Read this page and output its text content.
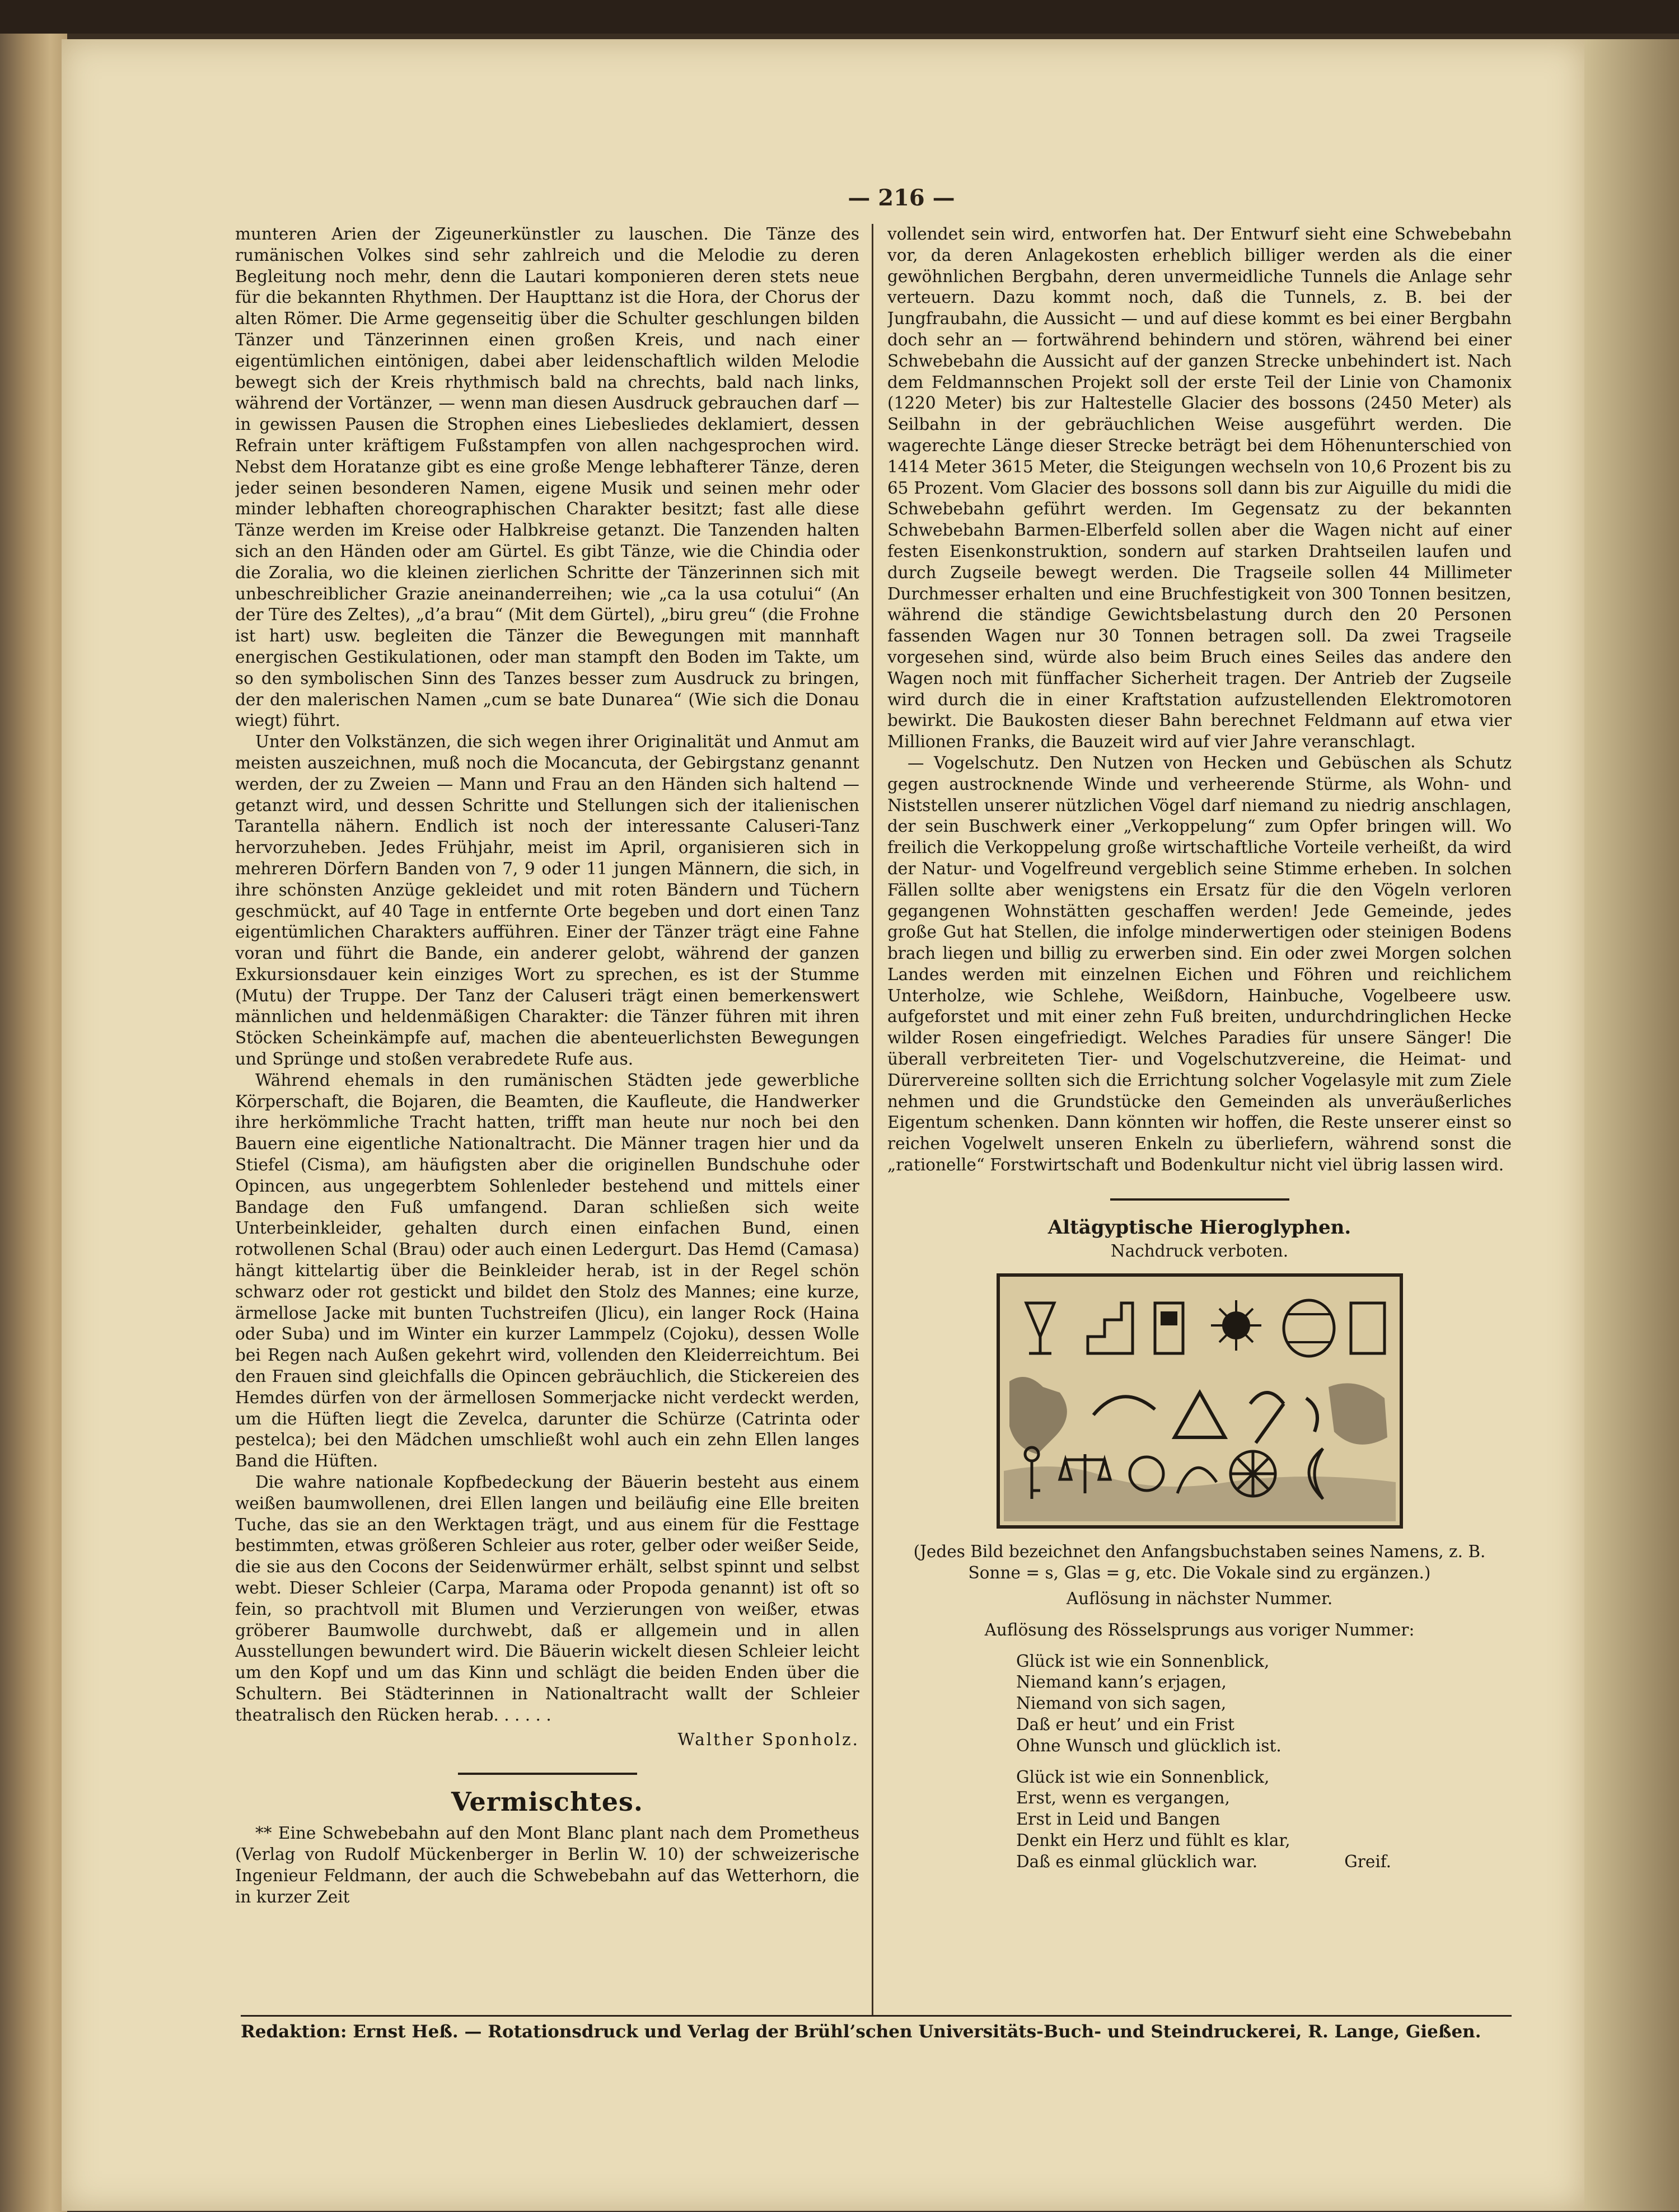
— 216 —

munteren Arien der Zigeunerkünstler zu lauschen. Die Tänze des rumänischen Volkes sind sehr zahlreich und die Melodie zu deren Begleitung noch mehr, denn die Lautari komponieren deren stets neue für die bekannten Rhythmen. Der Haupttanz ist die Hora, der Chorus der alten Römer. Die Arme gegenseitig über die Schulter geschlungen bilden Tänzer und Tänzerinnen einen großen Kreis, und nach einer eigentümlichen eintönigen, dabei aber leidenschaftlich wilden Melodie bewegt sich der Kreis rhythmisch bald na chrechts, bald nach links, während der Vortänzer, — wenn man diesen Ausdruck gebrauchen darf — in gewissen Pausen die Strophen eines Liebesliedes deklamiert, dessen Refrain unter kräftigem Fußstampfen von allen nachgesprochen wird. Nebst dem Horatanze gibt es eine große Menge lebhafterer Tänze, deren jeder seinen besonderen Namen, eigene Musik und seinen mehr oder minder lebhaften choreographischen Charakter besitzt; fast alle diese Tänze werden im Kreise oder Halbkreise getanzt. Die Tanzenden halten sich an den Händen oder am Gürtel. Es gibt Tänze, wie die Chindia oder die Zoralia, wo die kleinen zierlichen Schritte der Tänzerinnen sich mit unbeschreiblicher Grazie aneinanderreihen; wie „ca la usa cotului“ (An der Türe des Zeltes), „d’a brau“ (Mit dem Gürtel), „biru greu“ (die Frohne ist hart) usw. begleiten die Tänzer die Bewegungen mit mannhaft energischen Gestikulationen, oder man stampft den Boden im Takte, um so den symbolischen Sinn des Tanzes besser zum Ausdruck zu bringen, der den malerischen Namen „cum se bate Dunarea“ (Wie sich die Donau wiegt) führt.

Unter den Volkstänzen, die sich wegen ihrer Originalität und Anmut am meisten auszeichnen, muß noch die Mocancuta, der Gebirgstanz genannt werden, der zu Zweien — Mann und Frau an den Händen sich haltend — getanzt wird, und dessen Schritte und Stellungen sich der italienischen Tarantella nähern. Endlich ist noch der interessante Caluseri-Tanz hervorzuheben. Jedes Frühjahr, meist im April, organisieren sich in mehreren Dörfern Banden von 7, 9 oder 11 jungen Männern, die sich, in ihre schönsten Anzüge gekleidet und mit roten Bändern und Tüchern geschmückt, auf 40 Tage in entfernte Orte begeben und dort einen Tanz eigentümlichen Charakters aufführen. Einer der Tänzer trägt eine Fahne voran und führt die Bande, ein anderer gelobt, während der ganzen Exkursionsdauer kein einziges Wort zu sprechen, es ist der Stumme (Mutu) der Truppe. Der Tanz der Caluseri trägt einen bemerkenswert männlichen und heldenmäßigen Charakter: die Tänzer führen mit ihren Stöcken Scheinkämpfe auf, machen die abenteuerlichsten Bewegungen und Sprünge und stoßen verabredete Rufe aus.

Während ehemals in den rumänischen Städten jede gewerbliche Körperschaft, die Bojaren, die Beamten, die Kaufleute, die Handwerker ihre herkömmliche Tracht hatten, trifft man heute nur noch bei den Bauern eine eigentliche Nationaltracht. Die Männer tragen hier und da Stiefel (Cisma), am häufigsten aber die originellen Bundschuhe oder Opincen, aus ungegerbtem Sohlenleder bestehend und mittels einer Bandage den Fuß umfangend. Daran schließen sich weite Unterbeinkleider, gehalten durch einen einfachen Bund, einen rotwollenen Schal (Brau) oder auch einen Ledergurt. Das Hemd (Camasa) hängt kittelartig über die Beinkleider herab, ist in der Regel schön schwarz oder rot gestickt und bildet den Stolz des Mannes; eine kurze, ärmellose Jacke mit bunten Tuchstreifen (Jlicu), ein langer Rock (Haina oder Suba) und im Winter ein kurzer Lammpelz (Cojoku), dessen Wolle bei Regen nach Außen gekehrt wird, vollenden den Kleiderreichtum. Bei den Frauen sind gleichfalls die Opincen gebräuchlich, die Stickereien des Hemdes dürfen von der ärmellosen Sommerjacke nicht verdeckt werden, um die Hüften liegt die Zevelca, darunter die Schürze (Catrinta oder pestelca); bei den Mädchen umschließt wohl auch ein zehn Ellen langes Band die Hüften.

Die wahre nationale Kopfbedeckung der Bäuerin besteht aus einem weißen baumwollenen, drei Ellen langen und beiläufig eine Elle breiten Tuche, das sie an den Werktagen trägt, und aus einem für die Festtage bestimmten, etwas größeren Schleier aus roter, gelber oder weißer Seide, die sie aus den Cocons der Seidenwürmer erhält, selbst spinnt und selbst webt. Dieser Schleier (Carpa, Marama oder Propoda genannt) ist oft so fein, so prachtvoll mit Blumen und Verzierungen von weißer, etwas gröberer Baumwolle durchwebt, daß er allgemein und in allen Ausstellungen bewundert wird. Die Bäuerin wickelt diesen Schleier leicht um den Kopf und um das Kinn und schlägt die beiden Enden über die Schultern. Bei Städterinnen in Nationaltracht wallt der Schleier theatralisch den Rücken herab. . . . . .

Walther Sponholz.

Vermischtes.

** Eine Schwebebahn auf den Mont Blanc plant nach dem Prometheus (Verlag von Rudolf Mückenberger in Berlin W. 10) der schweizerische Ingenieur Feldmann, der auch die Schwebebahn auf das Wetterhorn, die in kurzer Zeit

vollendet sein wird, entworfen hat. Der Entwurf sieht eine Schwebebahn vor, da deren Anlagekosten erheblich billiger werden als die einer gewöhnlichen Bergbahn, deren unvermeidliche Tunnels die Anlage sehr verteuern. Dazu kommt noch, daß die Tunnels, z. B. bei der Jungfraubahn, die Aussicht — und auf diese kommt es bei einer Bergbahn doch sehr an — fortwährend behindern und stören, während bei einer Schwebebahn die Aussicht auf der ganzen Strecke unbehindert ist. Nach dem Feldmannschen Projekt soll der erste Teil der Linie von Chamonix (1220 Meter) bis zur Haltestelle Glacier des bossons (2450 Meter) als Seilbahn in der gebräuchlichen Weise ausgeführt werden. Die wagerechte Länge dieser Strecke beträgt bei dem Höhenunterschied von 1414 Meter 3615 Meter, die Steigungen wechseln von 10,6 Prozent bis zu 65 Prozent. Vom Glacier des bossons soll dann bis zur Aiguille du midi die Schwebebahn geführt werden. Im Gegensatz zu der bekannten Schwebebahn Barmen-Elberfeld sollen aber die Wagen nicht auf einer festen Eisenkonstruktion, sondern auf starken Drahtseilen laufen und durch Zugseile bewegt werden. Die Tragseile sollen 44 Millimeter Durchmesser erhalten und eine Bruchfestigkeit von 300 Tonnen besitzen, während die ständige Gewichtsbelastung durch den 20 Personen fassenden Wagen nur 30 Tonnen betragen soll. Da zwei Tragseile vorgesehen sind, würde also beim Bruch eines Seiles das andere den Wagen noch mit fünffacher Sicherheit tragen. Der Antrieb der Zugseile wird durch die in einer Kraftstation aufzustellenden Elektromotoren bewirkt. Die Baukosten dieser Bahn berechnet Feldmann auf etwa vier Millionen Franks, die Bauzeit wird auf vier Jahre veranschlagt.

— Vogelschutz. Den Nutzen von Hecken und Gebüschen als Schutz gegen austrocknende Winde und verheerende Stürme, als Wohn- und Niststellen unserer nützlichen Vögel darf niemand zu niedrig anschlagen, der sein Buschwerk einer „Verkoppelung“ zum Opfer bringen will. Wo freilich die Verkoppelung große wirtschaftliche Vorteile verheißt, da wird der Natur- und Vogelfreund vergeblich seine Stimme erheben. In solchen Fällen sollte aber wenigstens ein Ersatz für die den Vögeln verloren gegangenen Wohnstätten geschaffen werden! Jede Gemeinde, jedes große Gut hat Stellen, die infolge minderwertigen oder steinigen Bodens brach liegen und billig zu erwerben sind. Ein oder zwei Morgen solchen Landes werden mit einzelnen Eichen und Föhren und reichlichem Unterholze, wie Schlehe, Weißdorn, Hainbuche, Vogelbeere usw. aufgeforstet und mit einer zehn Fuß breiten, undurchdringlichen Hecke wilder Rosen eingefriedigt. Welches Paradies für unsere Sänger! Die überall verbreiteten Tier- und Vogelschutzvereine, die Heimat- und Dürervereine sollten sich die Errichtung solcher Vogelasyle mit zum Ziele nehmen und die Grundstücke den Gemeinden als unveräußerliches Eigentum schenken. Dann könnten wir hoffen, die Reste unserer einst so reichen Vogelwelt unseren Enkeln zu überliefern, während sonst die „rationelle“ Forstwirtschaft und Bodenkultur nicht viel übrig lassen wird.

Altägyptische Hieroglyphen.

Nachdruck verboten.

(Jedes Bild bezeichnet den Anfangsbuchstaben seines Namens, z. B. Sonne = s, Glas = g, etc. Die Vokale sind zu ergänzen.)

Auflösung in nächster Nummer.

Auflösung des Rösselsprungs aus voriger Nummer:

Glück ist wie ein Sonnenblick,
Niemand kann’s erjagen,
Niemand von sich sagen,
Daß er heut’ und ein Frist
Ohne Wunsch und glücklich ist.
Glück ist wie ein Sonnenblick,
Erst, wenn es vergangen,
Erst in Leid und Bangen
Denkt ein Herz und fühlt es klar,
Daß es einmal glücklich war.	Greif.
Redaktion: Ernst Heß. — Rotationsdruck und Verlag der Brühl’schen Universitäts-Buch- und Steindruckerei, R. Lange, Gießen.
